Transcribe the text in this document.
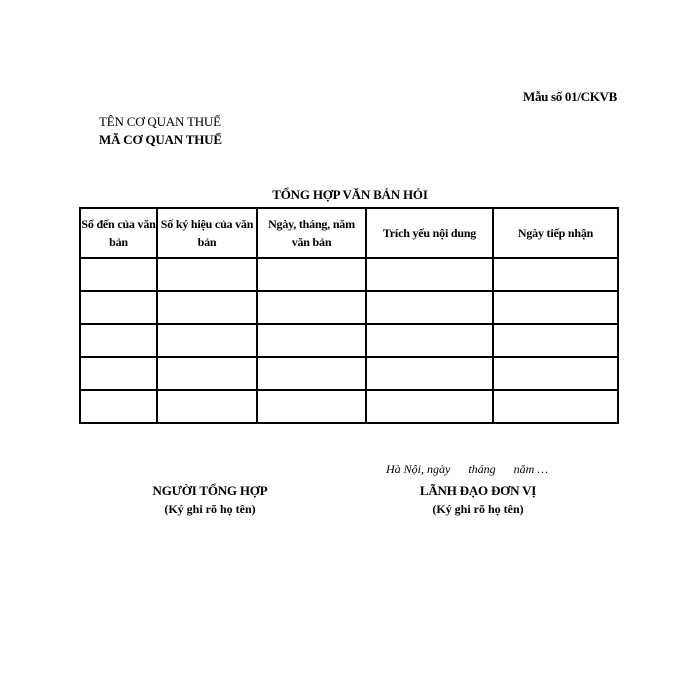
Mẫu số 01/CKVB
TÊN CƠ QUAN THUẾ
MÃ CƠ QUAN THUẾ
TỔNG HỢP VĂN BẢN HỎI
Số đến của văn bản	Số ký hiệu của văn bản	Ngày, tháng, năm văn bản	Trích yếu nội dung	Ngày tiếp nhận

Hà Nội, ngày      tháng      năm …
NGƯỜI TỔNG HỢP
(Ký ghi rõ họ tên)
LÃNH ĐẠO ĐƠN VỊ
(Ký ghi rõ họ tên)
